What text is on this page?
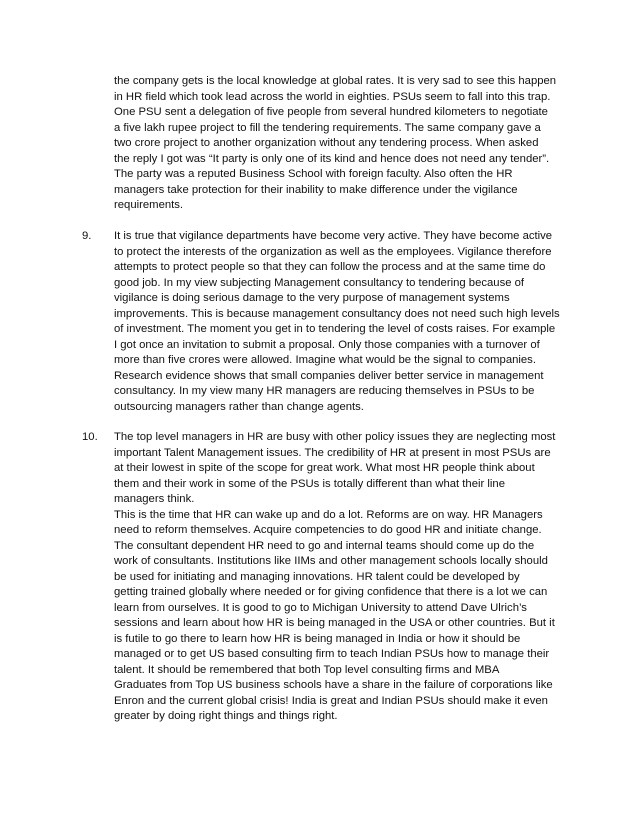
the company gets is the local knowledge at global rates. It is very sad to see this happen
in HR field which took lead across the world in eighties. PSUs seem to fall into this trap.
One PSU sent a delegation of five people from several hundred kilometers to negotiate
a five lakh rupee project to fill the tendering requirements. The same company gave a
two crore project to another organization without any tendering process. When asked
the reply I got was “It party is only one of its kind and hence does not need any tender”.
The party was a reputed Business School with foreign faculty. Also often the HR
managers take protection for their inability to make difference under the vigilance
requirements.
9. It is true that vigilance departments have become very active. They have become active
to protect the interests of the organization as well as the employees. Vigilance therefore
attempts to protect people so that they can follow the process and at the same time do
good job. In my view subjecting Management consultancy to tendering because of
vigilance is doing serious damage to the very purpose of management systems
improvements. This is because management consultancy does not need such high levels
of investment. The moment you get in to tendering the level of costs raises. For example
I got once an invitation to submit a proposal. Only those companies with a turnover of
more than five crores were allowed. Imagine what would be the signal to companies.
Research evidence shows that small companies deliver better service in management
consultancy. In my view many HR managers are reducing themselves in PSUs to be
outsourcing managers rather than change agents.
10. The top level managers in HR are busy with other policy issues they are neglecting most
important Talent Management issues. The credibility of HR at present in most PSUs are
at their lowest in spite of the scope for great work. What most HR people think about
them and their work in some of the PSUs is totally different than what their line
managers think.
This is the time that HR can wake up and do a lot. Reforms are on way. HR Managers
need to reform themselves. Acquire competencies to do good HR and initiate change.
The consultant dependent HR need to go and internal teams should come up do the
work of consultants. Institutions like IIMs and other management schools locally should
be used for initiating and managing innovations. HR talent could be developed by
getting trained globally where needed or for giving confidence that there is a lot we can
learn from ourselves. It is good to go to Michigan University to attend Dave Ulrich’s
sessions and learn about how HR is being managed in the USA or other countries. But it
is futile to go there to learn how HR is being managed in India or how it should be
managed or to get US based consulting firm to teach Indian PSUs how to manage their
talent. It should be remembered that both Top level consulting firms and MBA
Graduates from Top US business schools have a share in the failure of corporations like
Enron and the current global crisis! India is great and Indian PSUs should make it even
greater by doing right things and things right.
